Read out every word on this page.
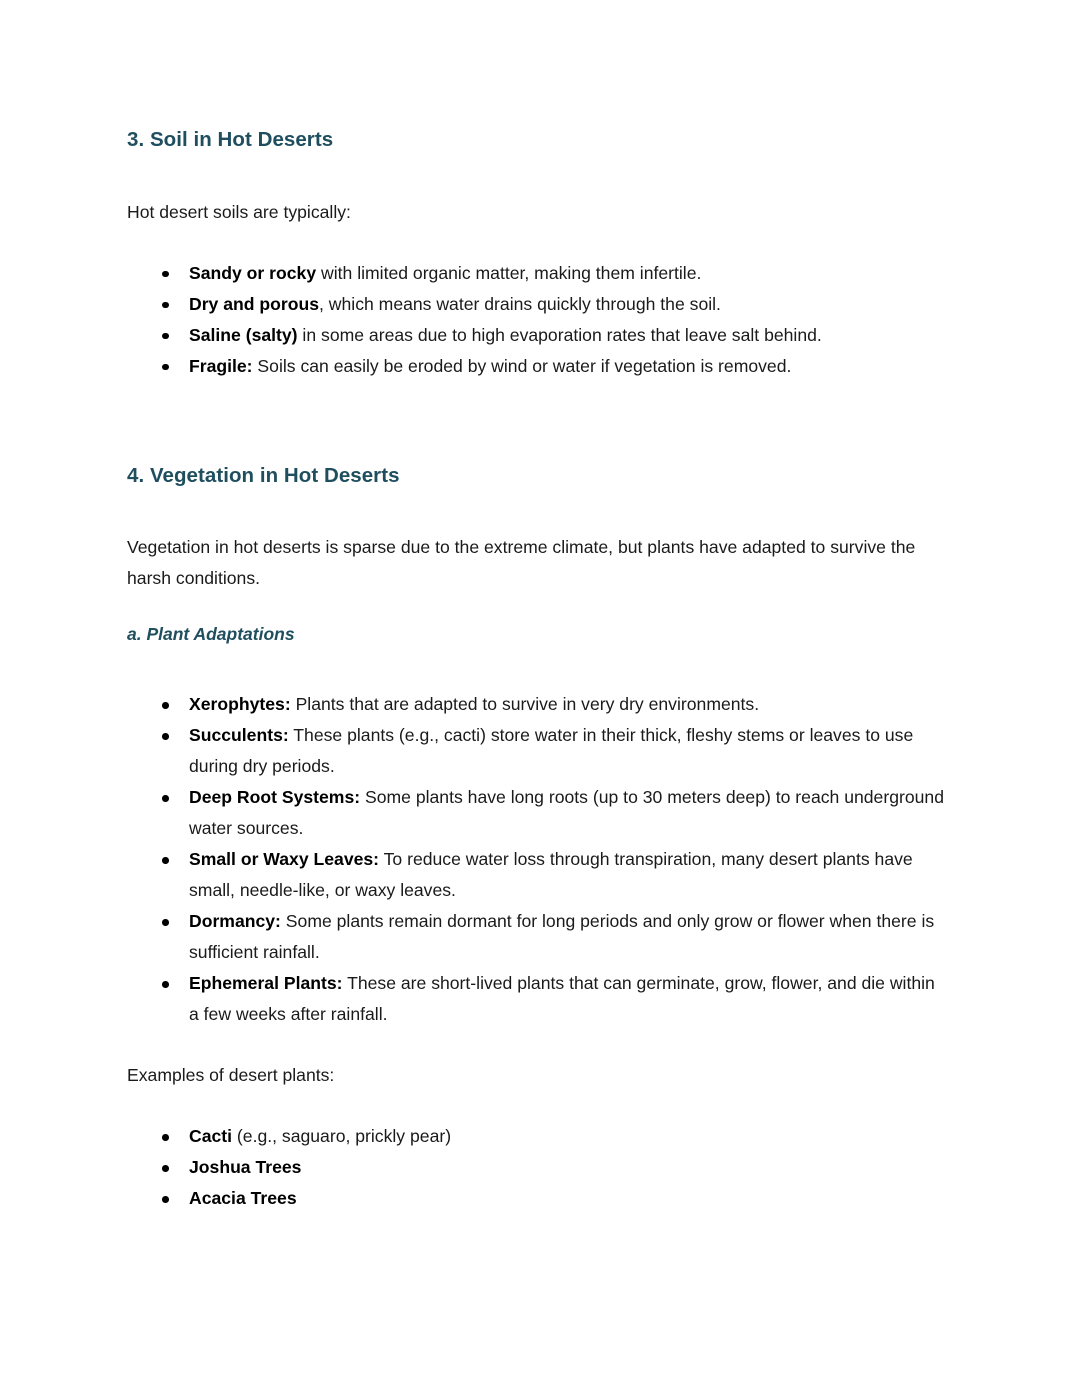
3. Soil in Hot Deserts

Hot desert soils are typically:

Sandy or rocky with limited organic matter, making them infertile.
Dry and porous, which means water drains quickly through the soil.
Saline (salty) in some areas due to high evaporation rates that leave salt behind.
Fragile: Soils can easily be eroded by wind or water if vegetation is removed.
4. Vegetation in Hot Deserts

Vegetation in hot deserts is sparse due to the extreme climate, but plants have adapted to survive the harsh conditions.

a. Plant Adaptations
Xerophytes: Plants that are adapted to survive in very dry environments.
Succulents: These plants (e.g., cacti) store water in their thick, fleshy stems or leaves to use during dry periods.
Deep Root Systems: Some plants have long roots (up to 30 meters deep) to reach underground water sources.
Small or Waxy Leaves: To reduce water loss through transpiration, many desert plants have small, needle-like, or waxy leaves.
Dormancy: Some plants remain dormant for long periods and only grow or flower when there is sufficient rainfall.
Ephemeral Plants: These are short-lived plants that can germinate, grow, flower, and die within a few weeks after rainfall.

Examples of desert plants:

Cacti (e.g., saguaro, prickly pear)
Joshua Trees
Acacia Trees
